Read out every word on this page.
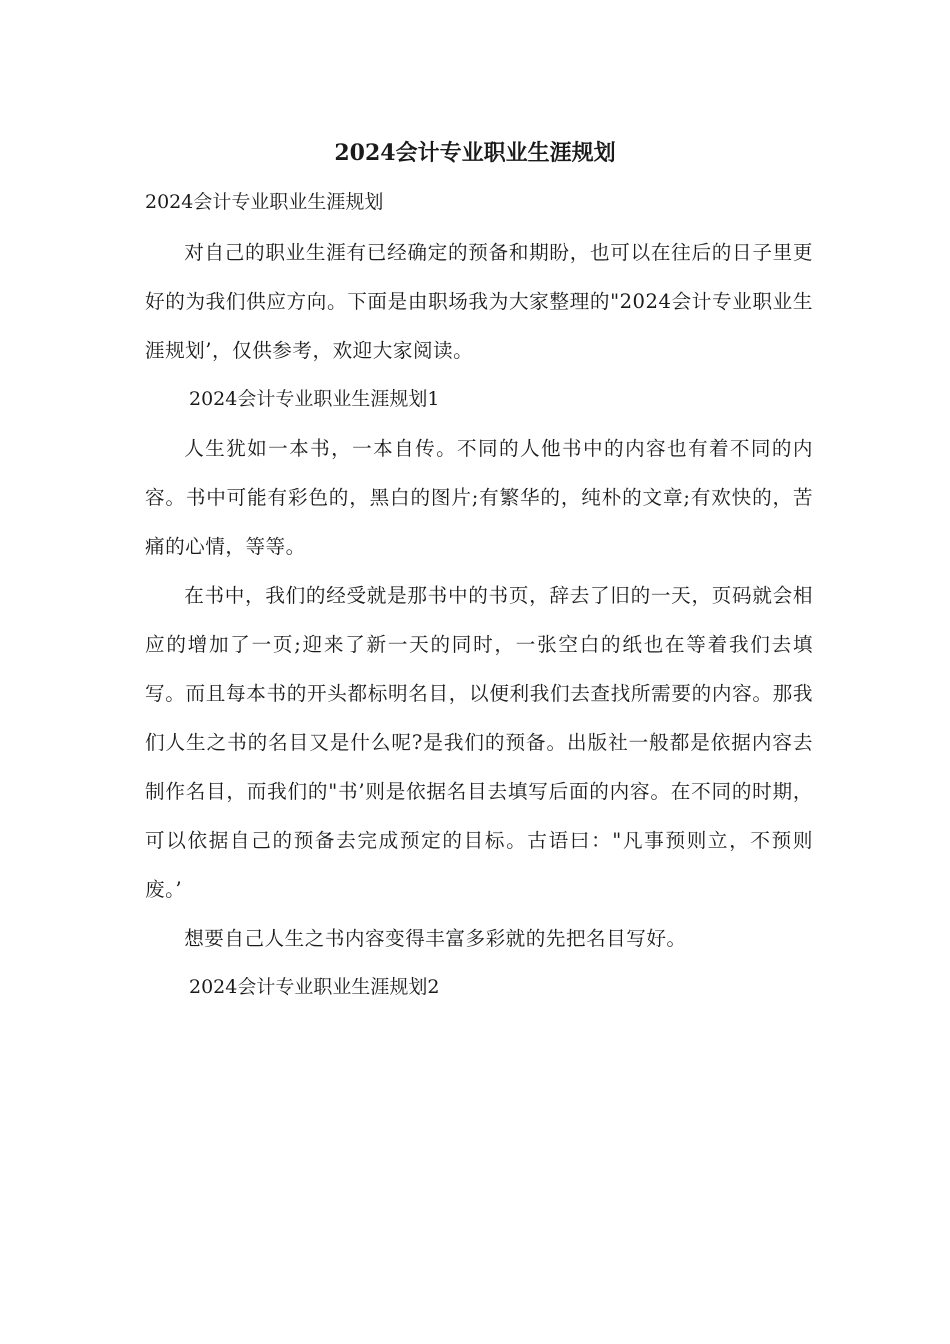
2024会计专业职业生涯规划

2024会计专业职业生涯规划

对自己的职业生涯有已经确定的预备和期盼，也可以在往后的日子里更好的为我们供应方向。下面是由职场我为大家整理的"2024会计专业职业生涯规划’，仅供参考，欢迎大家阅读。

2024会计专业职业生涯规划1

人生犹如一本书，一本自传。不同的人他书中的内容也有着不同的内容。书中可能有彩色的，黑白的图片;有繁华的，纯朴的文章;有欢快的，苦痛的心情，等等。

在书中，我们的经受就是那书中的书页，辞去了旧的一天，页码就会相应的增加了一页;迎来了新一天的同时，一张空白的纸也在等着我们去填写。而且每本书的开头都标明名目，以便利我们去查找所需要的内容。那我们人生之书的名目又是什么呢?是我们的预备。出版社一般都是依据内容去制作名目，而我们的"书’则是依据名目去填写后面的内容。在不同的时期，可以依据自己的预备去完成预定的目标。古语曰："凡事预则立，不预则废。’

想要自己人生之书内容变得丰富多彩就的先把名目写好。

2024会计专业职业生涯规划2
